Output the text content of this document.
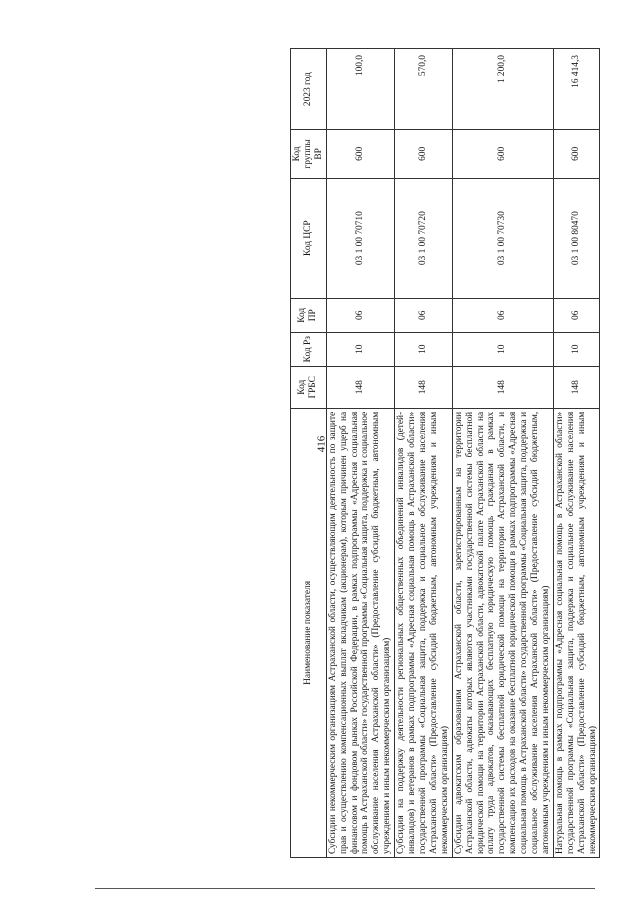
416
Наименование показателя	Код ГРБС	Код Рз	Код ПР	Код ЦСР	Код группы ВР	2023 год
Субсидии некоммерческим организациям Астраханской области, осуществляющим деятельность по защите прав и осуществлению компенсационных выплат вкладчикам (акционерам), которым причинен ущерб на финансовом и фондовом рынках Российской Федерации, в рамках подпрограммы «Адресная социальная помощь в Астраханской области» государственной программы «Социальная защита, поддержка и социальное обслуживание населения Астраханской области» (Предоставление субсидий бюджетным, автономным учреждениям и иным некоммерческим организациям)	148	10	06	03 1 00 70710	600	100,0
Субсидия на поддержку деятельности региональных общественных объединений инвалидов (детей-инвалидов) и ветеранов в рамках подпрограммы «Адресная социальная помощь в Астраханской области» государственной программы «Социальная защита, поддержка и социальное обслуживание населения Астраханской области» (Предоставление субсидий бюджетным, автономным учреждениям и иным некоммерческим организациям)	148	10	06	03 1 00 70720	600	570,0
Субсидии адвокатским образованиям Астраханской области, зарегистрированным на территории Астраханской области, адвокаты которых являются участниками государственной системы бесплатной юридической помощи на территории Астраханской области, адвокатской палате Астраханской области на оплату труда адвокатов, оказывающих бесплатную юридическую помощь гражданам в рамках государственной системы бесплатной юридической помощи на территории Астраханской области, и компенсацию их расходов на оказание бесплатной юридической помощи в рамках подпрограммы «Адресная социальная помощь в Астраханской области» государственной программы «Социальная защита, поддержка и социальное обслуживание населения Астраханской области» (Предоставление субсидий бюджетным, автономным учреждениям и иным некоммерческим организациям)	148	10	06	03 1 00 70730	600	1 200,0
Натуральная помощь в рамках подпрограммы «Адресная социальная помощь в Астраханской области» государственной программы «Социальная защита, поддержка и социальное обслуживание населения Астраханской области» (Предоставление субсидий бюджетным, автономным учреждениям и иным некоммерческим организациям)	148	10	06	03 1 00 80470	600	16 414,3
